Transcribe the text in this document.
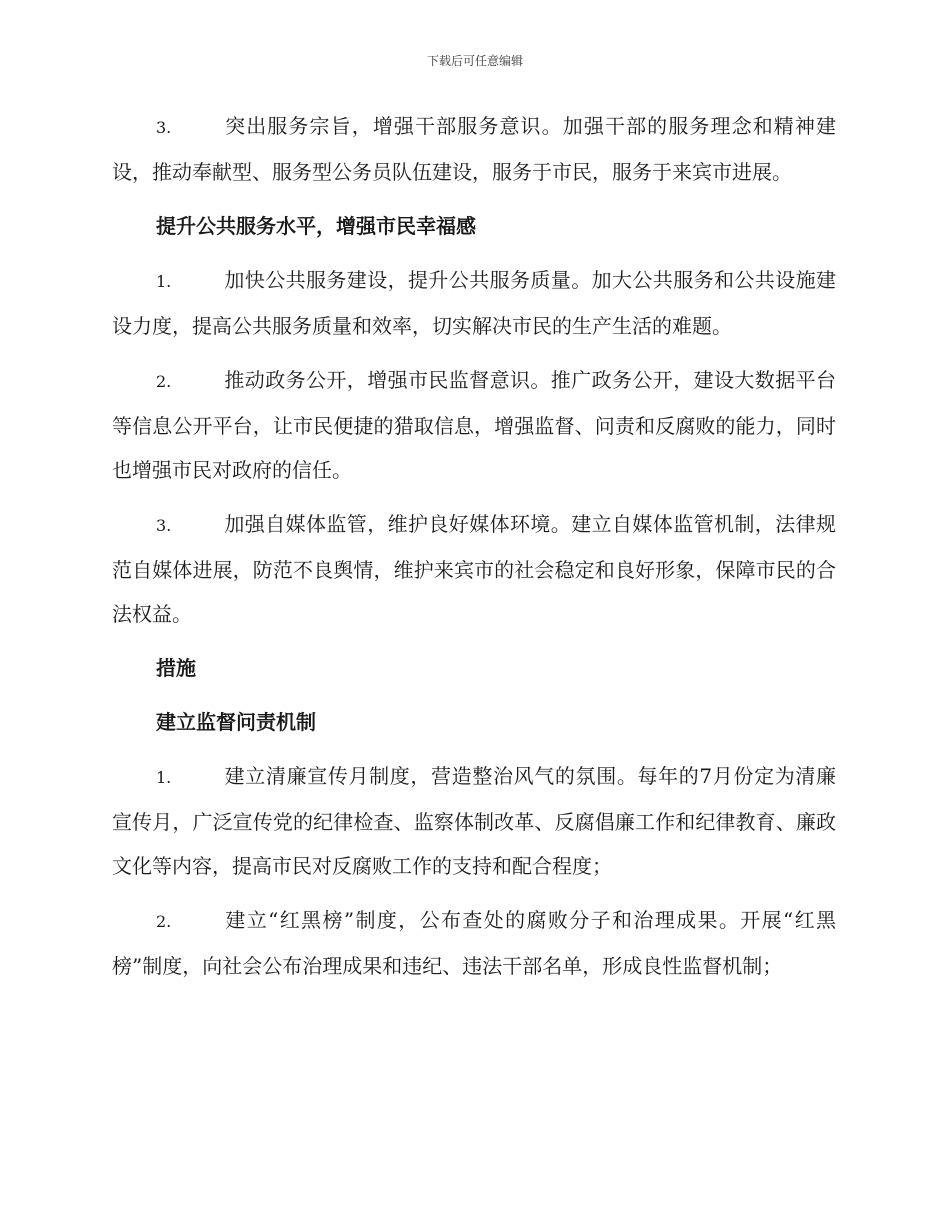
下载后可任意编辑

3.	突出服务宗旨，增强干部服务意识。加强干部的服务理念和精神建设，推动奉献型、服务型公务员队伍建设，服务于市民，服务于来宾市进展。

提升公共服务水平，增强市民幸福感

1.	加快公共服务建设，提升公共服务质量。加大公共服务和公共设施建设力度，提高公共服务质量和效率，切实解决市民的生产生活的难题。

2.	推动政务公开，增强市民监督意识。推广政务公开，建设大数据平台等信息公开平台，让市民便捷的猎取信息，增强监督、问责和反腐败的能力，同时也增强市民对政府的信任。

3.	加强自媒体监管，维护良好媒体环境。建立自媒体监管机制，法律规范自媒体进展，防范不良舆情，维护来宾市的社会稳定和良好形象，保障市民的合法权益。

措施
建立监督问责机制

1.	建立清廉宣传月制度，营造整治风气的氛围。每年的7月份定为清廉宣传月，广泛宣传党的纪律检查、监察体制改革、反腐倡廉工作和纪律教育、廉政文化等内容，提高市民对反腐败工作的支持和配合程度；

2.	建立“红黑榜”制度，公布查处的腐败分子和治理成果。开展“红黑榜”制度，向社会公布治理成果和违纪、违法干部名单，形成良性监督机制；
